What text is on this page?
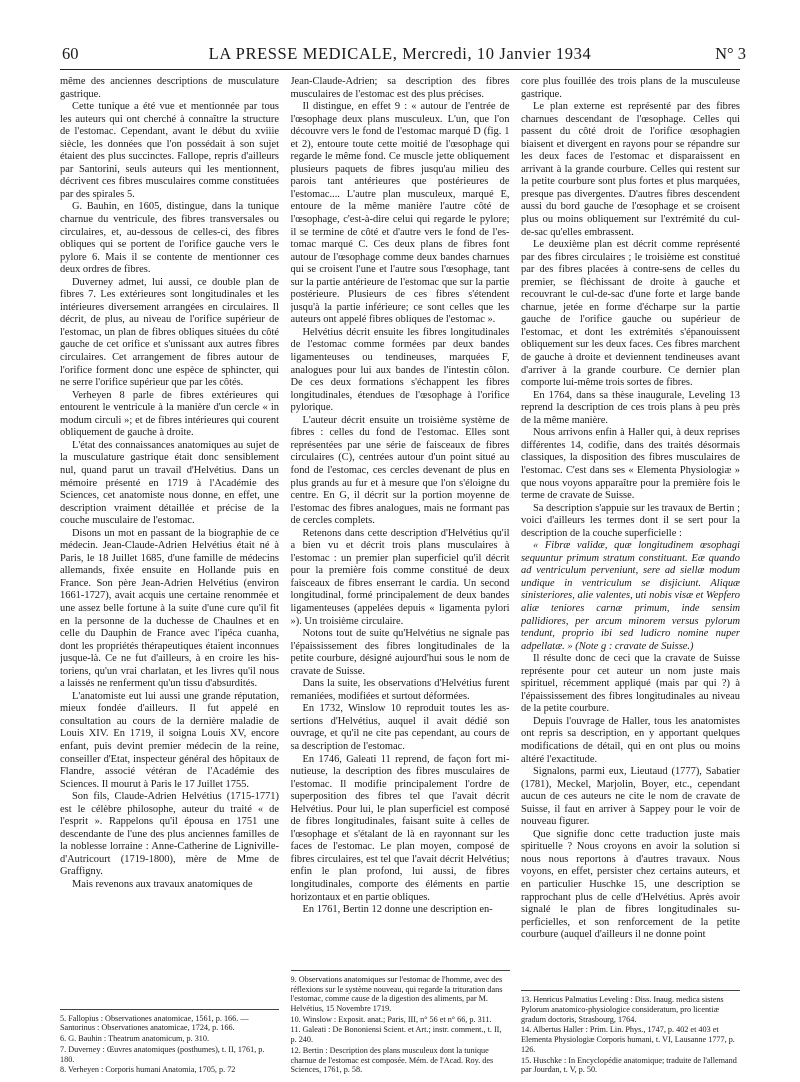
60	LA PRESSE MEDICALE, Mercredi, 10 Janvier 1934	N° 3

même des anciennes descriptions de musculature gastrique.

Cette tunique a été vue et mentionnée par tous les auteurs qui ont cherché à connaître la structure de l'estomac. Cependant, avant le début du xviiie siècle, les données que l'on possédait à son sujet étaient des plus succinctes. Fallope, repris d'ailleurs par Santorini, seuls auteurs qui les mentionnent, décrivent ces fibres musculaires comme constituées par des spirales 5.

G. Bauhin, en 1605, distingue, dans la tunique charnue du ventricule, des fibres transversales ou circulaires, et, au-dessous de celles-ci, des fibres obliques qui se portent de l'orifice gauche vers le pylore 6. Mais il se contente de mentionner ces deux ordres de fibres.

Duverney admet, lui aussi, ce double plan de fibres 7. Les extérieures sont longitudinales et les intérieures diversement arrangées en circulaires. Il décrit, de plus, au niveau de l'orifice supérieur de l'estomac, un plan de fibres obliques situées du côté gauche de cet orifice et s'unissant aux autres fibres circulaires. Cet arrangement de fibres autour de l'orifice forment donc une espèce de sphincter, qui ne serre l'orifice supérieur que par les côtés.

Verheyen 8 parle de fibres extérieures qui entourent le ventricule à la manière d'un cercle « in modum circuli »; et de fibres intérieures qui courent obliquement de gauche à droite.

L'état des connaissances anatomiques au sujet de la musculature gastrique était donc sensiblement nul, quand parut un travail d'Helvétius. Dans un mémoire présenté en 1719 à l'Académie des Sciences, cet anatomiste nous donne, en effet, une description vraiment détaillée et précise de la couche musculaire de l'estomac.

Disons un mot en passant de la biographie de ce médecin. Jean-Claude-Adrien Helvétius était né à Paris, le 18 Juillet 1685, d'une famille de médecins allemands, fixée ensuite en Hollande puis en France. Son père Jean-Adrien Helvétius (environ 1661-1727), avait acquis une certaine renommée et une assez belle fortune à la suite d'une cure qu'il fit en la personne de la duchesse de Chaulnes et en celle du Dauphin de France avec l'ipéca cuanha, dont les propriétés thérapeutiques étaient inconnues jusque-là. Ce ne fut d'ailleurs, à en croire les historiens, qu'un vrai charlatan, et les livres qu'il nous a laissés ne renferment qu'un tissu d'absurdités.

L'anatomiste eut lui aussi une grande réputation, mieux fondée d'ailleurs. Il fut appelé en consultation au cours de la dernière maladie de Louis XIV. En 1719, il soigna Louis XV, encore enfant, puis devint premier médecin de la reine, conseiller d'Etat, inspecteur général des hôpitaux de Flandre, associé vétéran de l'Académie des Sciences. Il mourut à Paris le 17 Juillet 1755.

Son fils, Claude-Adrien Helvétius (1715-1771) est le célèbre philosophe, auteur du traité « de l'esprit ». Rappelons qu'il épousa en 1751 une descendante de l'une des plus anciennes familles de la noblesse lorraine : Anne-Catherine de Ligniville-d'Autricourt (1719-1800), mère de Mme de Graffigny.

Mais revenons aux travaux anatomiques de

5. Fallopius : Observationes anatomicae, 1561, p. 166. — Santorinus : Observationes anatomicae, 1724, p. 166.

6. G. Bauhin : Theatrum anatomicum, p. 310.

7. Duverney : Œuvres anatomiques (posthumes), t. II, 1761, p. 180.

8. Verheyen : Corporis humani Anatomia, 1705, p. 72

Jean-Claude-Adrien; sa description des fibres musculaires de l'estomac est des plus précises.

Il distingue, en effet 9 : « autour de l'entrée de l'œsophage deux plans musculeux. L'un, que l'on découvre vers le fond de l'estomac marqué D (fig. 1 et 2), entoure toute cette moitié de l'œsophage qui regarde le même fond. Ce muscle jette obliquement plusieurs paquets de fibres jusqu'au milieu des parois tant antérieures que postérieures de l'estomac.... L'autre plan musculeux, marqué E, entoure de la même manière l'autre côté de l'œsophage, c'est-à-dire celui qui regarde le pylore; il se termine de côté et d'autre vers le fond de l'estomac marqué C. Ces deux plans de fibres font autour de l'œsophage comme deux bandes charnues qui se croisent l'une et l'autre sous l'œsophage, tant sur la partie antérieure de l'estomac que sur la partie postérieure. Plusieurs de ces fibres s'étendent jusqu'à la partie inférieure; ce sont celles que les auteurs ont appelé fibres obliques de l'estomac ».

Helvétius décrit ensuite les fibres longitudinales de l'estomac comme formées par deux bandes ligamenteuses ou tendineuses, marquées F, analogues pour lui aux bandes de l'intestin côlon. De ces deux formations s'échappent les fibres longitudinales, étendues de l'œsophage à l'orifice pylorique.

L'auteur décrit ensuite un troisième système de fibres : celles du fond de l'estomac. Elles sont représentées par une série de faisceaux de fibres circulaires (C), centrées autour d'un point situé au fond de l'estomac, ces cercles devenant de plus en plus grands au fur et à mesure que l'on s'éloigne du centre. En G, il décrit sur la portion moyenne de l'estomac des fibres analogues, mais ne formant pas de cercles complets.

Retenons dans cette description d'Helvétius qu'il a bien vu et décrit trois plans musculaires à l'estomac : un premier plan superficiel qu'il décrit pour la première fois comme constitué de deux faisceaux de fibres enserrant le cardia. Un second longitudinal, formé principalement de deux bandes ligamenteuses (appelées depuis « ligamenta pylori »). Un troisième circulaire.

Notons tout de suite qu'Helvétius ne signale pas l'épaississement des fibres longitudinales de la petite courbure, désigné aujourd'hui sous le nom de cravate de Suisse.

Dans la suite, les observations d'Helvétius furent remaniées, modifiées et surtout déformées.

En 1732, Winslow 10 reproduit toutes les assertions d'Helvétius, auquel il avait dédié son ouvrage, et qu'il ne cite pas cependant, au cours de sa description de l'estomac.

En 1746, Galeati 11 reprend, de façon fort minutieuse, la description des fibres musculaires de l'estomac. Il modifie principalement l'ordre de superposition des fibres tel que l'avait décrit Helvétius. Pour lui, le plan superficiel est composé de fibres longitudinales, faisant suite à celles de l'œsophage et s'étalant de là en rayonnant sur les faces de l'estomac. Le plan moyen, composé de fibres circulaires, est tel que l'avait décrit Helvétius; enfin le plan profond, lui aussi, de fibres longitudinales, comporte des éléments en partie horizontaux et en partie obliques.

En 1761, Bertin 12 donne une description en-

9. Observations anatomiques sur l'estomac de l'homme, avec des réflexions sur le système nouveau, qui regarde la trituration dans l'estomac, comme cause de la digestion des aliments, par M. Helvétius, 15 Novembre 1719.

10. Winslow : Exposit. anat.; Paris, III, n° 56 et n° 66, p. 311.

11. Galeati : De Bononiensi Scient. et Art.; instr. comment., t. II, p. 240.

12. Bertin : Description des plans musculeux dont la tunique charnue de l'estomac est composée. Mém. de l'Acad. Roy. des Sciences, 1761, p. 58.

core plus fouillée des trois plans de la musculeuse gastrique.

Le plan externe est représenté par des fibres charnues descendant de l'œsophage. Celles qui passent du côté droit de l'orifice œsophagien biaisent et divergent en rayons pour se répandre sur les deux faces de l'estomac et disparaissent en arrivant à la grande courbure. Celles qui restent sur la petite courbure sont plus fortes et plus marquées, presque pas divergentes. D'autres fibres descendent aussi du bord gauche de l'œsophage et se croisent plus ou moins obliquement sur l'extrémité du cul-de-sac qu'elles embrassent.

Le deuxième plan est décrit comme représenté par des fibres circulaires ; le troisième est constitué par des fibres placées à contre-sens de celles du premier, se fléchissant de droite à gauche et recouvrant le cul-de-sac d'une forte et large bande charnue, jetée en forme d'écharpe sur la partie gauche de l'orifice gauche ou supérieur de l'estomac, et dont les extrémités s'épanouissent obliquement sur les deux faces. Ces fibres marchent de gauche à droite et deviennent tendineuses avant d'arriver à la grande courbure. Ce dernier plan comporte lui-même trois sortes de fibres.

En 1764, dans sa thèse inaugurale, Leveling 13 reprend la description de ces trois plans à peu près de la même manière.

Nous arrivons enfin à Haller qui, à deux reprises différentes 14, codifie, dans des traités désormais classiques, la disposition des fibres musculaires de l'estomac. C'est dans ses « Elementa Physiologiæ » que nous voyons apparaître pour la première fois le terme de cravate de Suisse.

Sa description s'appuie sur les travaux de Bertin ; voici d'ailleurs les termes dont il se sert pour la description de la couche superficielle :

« Fibræ validæ, quæ longitudinem œsophagi sequuntur primum stratum constituant. Eæ quando ad ventriculum perveniunt, sere ad siellæ modum undique in ventriculum se disjiciunt. Aliquæ sinisteriores, alie valentes, uti nobis visæ et Wepfero aliæ teniores carnæ primum, inde sensim pallidiores, per arcum minorem versus pylorum tendunt, proprio ibi sed ludicro nomine nuper adpellatæ. » (Note g : cravate de Suisse.)

Il résulte donc de ceci que la cravate de Suisse représente pour cet auteur un nom juste mais spirituel, récemment appliqué (mais par qui ?) à l'épaississement des fibres longitudinales au niveau de la petite courbure.

Depuis l'ouvrage de Haller, tous les anatomistes ont repris sa description, en y apportant quelques modifications de détail, qui en ont plus ou moins altéré l'exactitude.

Signalons, parmi eux, Lieutaud (1777), Sabatier (1781), Meckel, Marjolin, Boyer, etc., cependant aucun de ces auteurs ne cite le nom de cravate de Suisse, il faut en arriver à Sappey pour le voir de nouveau figurer.

Que signifie donc cette traduction juste mais spirituelle ? Nous croyons en avoir la solution si nous nous reportons à d'autres travaux. Nous voyons, en effet, persister chez certains auteurs, et en particulier Huschke 15, une description se rapprochant plus de celle d'Helvétius. Après avoir signalé le plan de fibres longitudinales superficielles, et son renforcement de la petite courbure (auquel d'ailleurs il ne donne point

13. Henricus Palmatius Leveling : Diss. Inaug. medica sistens Pylorum anatomico-physiologice consideratum, pro licentiæ gradum doctoris, Strasbourg, 1764.

14. Albertus Haller : Prim. Lin. Phys., 1747, p. 402 et 403 et Elementa Physiologiæ Corporis humani, t. VI, Lausanne 1777, p. 126.

15. Huschke : In Encyclopédie anatomique; traduite de l'allemand par Jourdan, t. V, p. 50.
